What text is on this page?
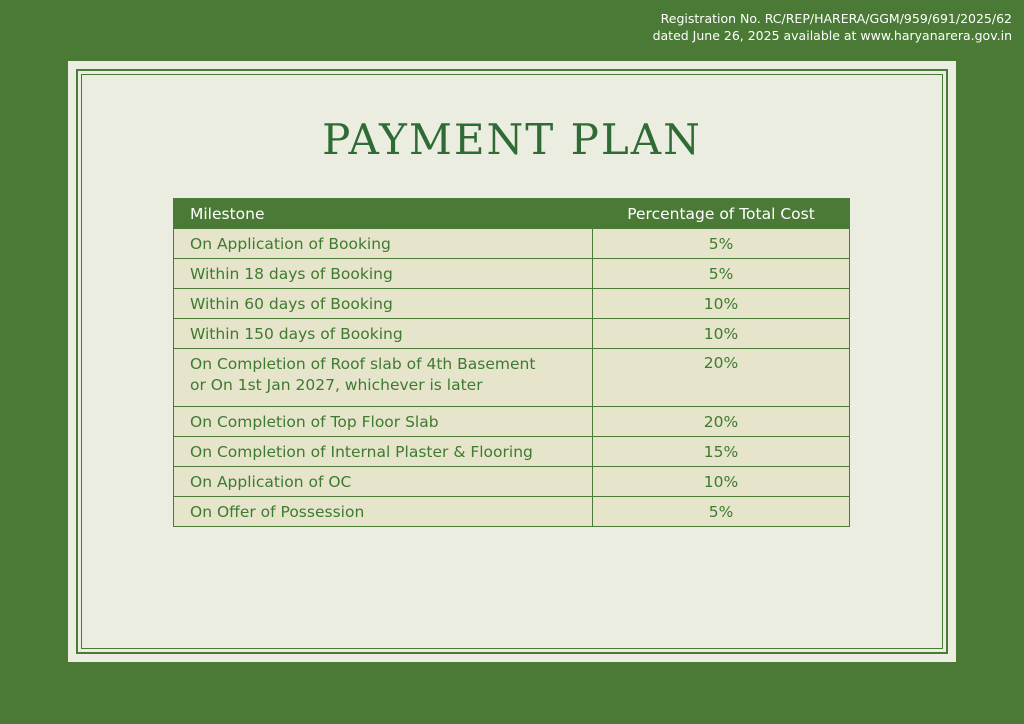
Registration No. RC/REP/HARERA/GGM/959/691/2025/62
dated June 26, 2025 available at www.haryanarera.gov.in
PAYMENT PLAN
Milestone	Percentage of Total Cost
On Application of Booking	5%
Within 18 days of Booking	5%
Within 60 days of Booking	10%
Within 150 days of Booking	10%

On Completion of Roof slab of 4th Basement
or On 1st Jan 2027, whichever is later	20%
On Completion of Top Floor Slab	20%
On Completion of Internal Plaster & Flooring	15%
On Application of OC	10%
On Offer of Possession	5%
